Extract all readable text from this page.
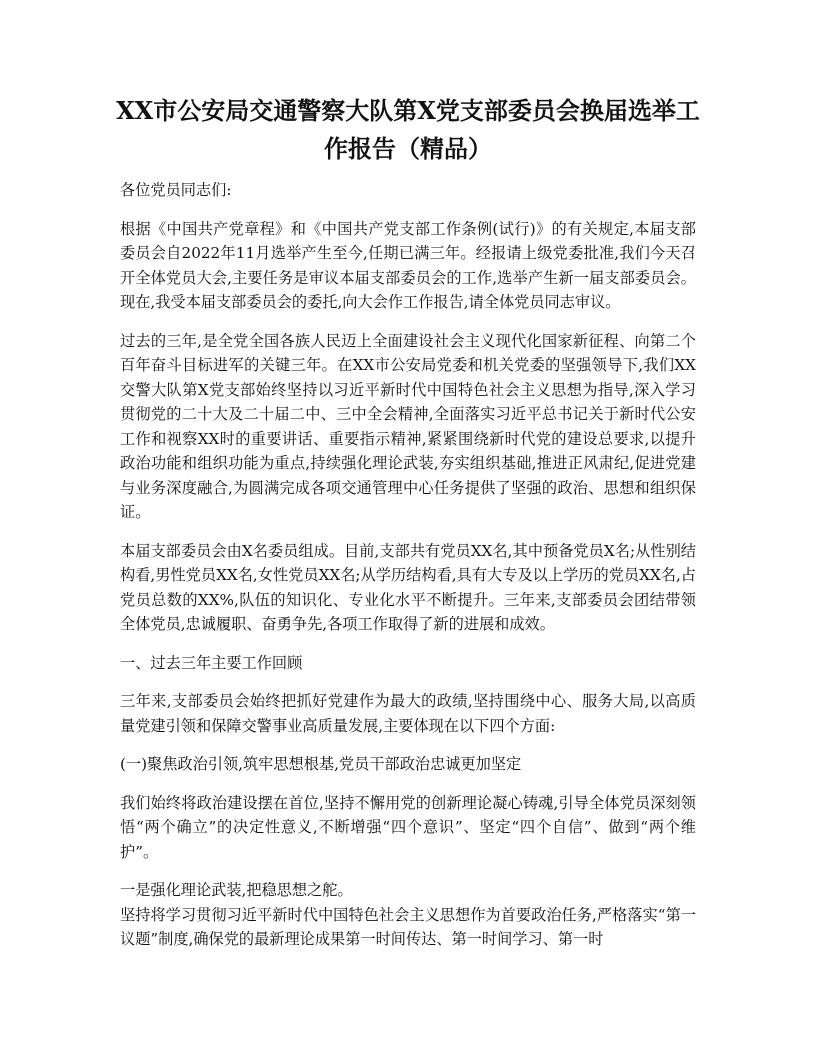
XX市公安局交通警察大队第X党支部委员会换届选举工作报告（精品）

各位党员同志们:

根据《中国共产党章程》和《中国共产党支部工作条例(试行)》的有关规定,本届支部委员会自2022年11月选举产生至今,任期已满三年。经报请上级党委批准,我们今天召开全体党员大会,主要任务是审议本届支部委员会的工作,选举产生新一届支部委员会。现在,我受本届支部委员会的委托,向大会作工作报告,请全体党员同志审议。

过去的三年,是全党全国各族人民迈上全面建设社会主义现代化国家新征程、向第二个百年奋斗目标进军的关键三年。在XX市公安局党委和机关党委的坚强领导下,我们XX交警大队第X党支部始终坚持以习近平新时代中国特色社会主义思想为指导,深入学习贯彻党的二十大及二十届二中、三中全会精神,全面落实习近平总书记关于新时代公安工作和视察XX时的重要讲话、重要指示精神,紧紧围绕新时代党的建设总要求,以提升政治功能和组织功能为重点,持续强化理论武装,夯实组织基础,推进正风肃纪,促进党建与业务深度融合,为圆满完成各项交通管理中心任务提供了坚强的政治、思想和组织保证。

本届支部委员会由X名委员组成。目前,支部共有党员XX名,其中预备党员X名;从性别结构看,男性党员XX名,女性党员XX名;从学历结构看,具有大专及以上学历的党员XX名,占党员总数的XX%,队伍的知识化、专业化水平不断提升。三年来,支部委员会团结带领全体党员,忠诚履职、奋勇争先,各项工作取得了新的进展和成效。

一、过去三年主要工作回顾

三年来,支部委员会始终把抓好党建作为最大的政绩,坚持围绕中心、服务大局,以高质量党建引领和保障交警事业高质量发展,主要体现在以下四个方面:

(一)聚焦政治引领,筑牢思想根基,党员干部政治忠诚更加坚定

我们始终将政治建设摆在首位,坚持不懈用党的创新理论凝心铸魂,引导全体党员深刻领悟“两个确立”的决定性意义,不断增强“四个意识”、坚定“四个自信”、做到“两个维护”。

一是强化理论武装,把稳思想之舵。

坚持将学习贯彻习近平新时代中国特色社会主义思想作为首要政治任务,严格落实“第一议题”制度,确保党的最新理论成果第一时间传达、第一时间学习、第一时
